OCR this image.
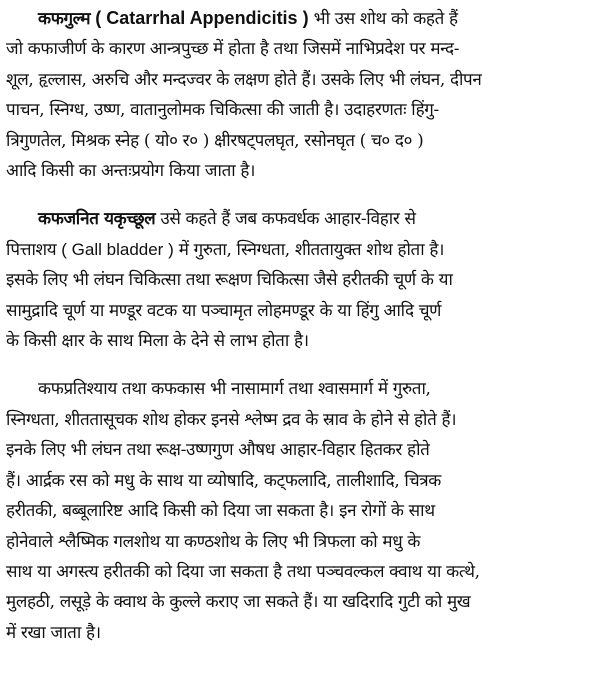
कफगुल्म ( Catarrhal Appendicitis ) भी उस शोथ को कहते हैं
जो कफाजीर्ण के कारण आन्त्रपुच्छ में होता है तथा जिसमें नाभिप्रदेश पर मन्द-
शूल, हृल्लास, अरुचि और मन्दज्वर के लक्षण होते हैं। उसके लिए भी लंघन, दीपन
पाचन, स्निग्ध, उष्ण, वातानुलोमक चिकित्सा की जाती है। उदाहरणतः हिंगु-
त्रिगुणतेल, मिश्रक स्नेह ( यो० र० ) क्षीरषट्पलघृत, रसोनघृत ( च० द० )
आदि किसी का अन्तःप्रयोग किया जाता है।
कफजनित यकृच्छूल उसे कहते हैं जब कफवर्धक आहार-विहार से
पित्ताशय ( Gall bladder ) में गुरुता, स्निग्धता, शीततायुक्त शोथ होता है।
इसके लिए भी लंघन चिकित्सा तथा रूक्षण चिकित्सा जैसे हरीतकी चूर्ण के या
सामुद्रादि चूर्ण या मण्डूर वटक या पञ्चामृत लोहमण्डूर के या हिंगु आदि चूर्ण
के किसी क्षार के साथ मिला के देने से लाभ होता है।
कफप्रतिश्याय तथा कफकास भी नासामार्ग तथा श्वासमार्ग में गुरुता,
स्निग्धता, शीततासूचक शोथ होकर इनसे श्लेष्म द्रव के स्राव के होने से होते हैं।
इनके लिए भी लंघन तथा रूक्ष-उष्णगुण औषध आहार-विहार हितकर होते
हैं। आर्द्रक रस को मधु के साथ या व्योषादि, कट्फलादि, तालीशादि, चित्रक
हरीतकी, बब्बूलारिष्ट आदि किसी को दिया जा सकता है। इन रोगों के साथ
होनेवाले श्लैष्मिक गलशोथ या कण्ठशोथ के लिए भी त्रिफला को मधु के
साथ या अगस्त्य हरीतकी को दिया जा सकता है तथा पञ्चवल्कल क्वाथ या कत्थे,
मुलहठी, लसूड़े के क्वाथ के कुल्ले कराए जा सकते हैं। या खदिरादि गुटी को मुख
में रखा जाता है।
